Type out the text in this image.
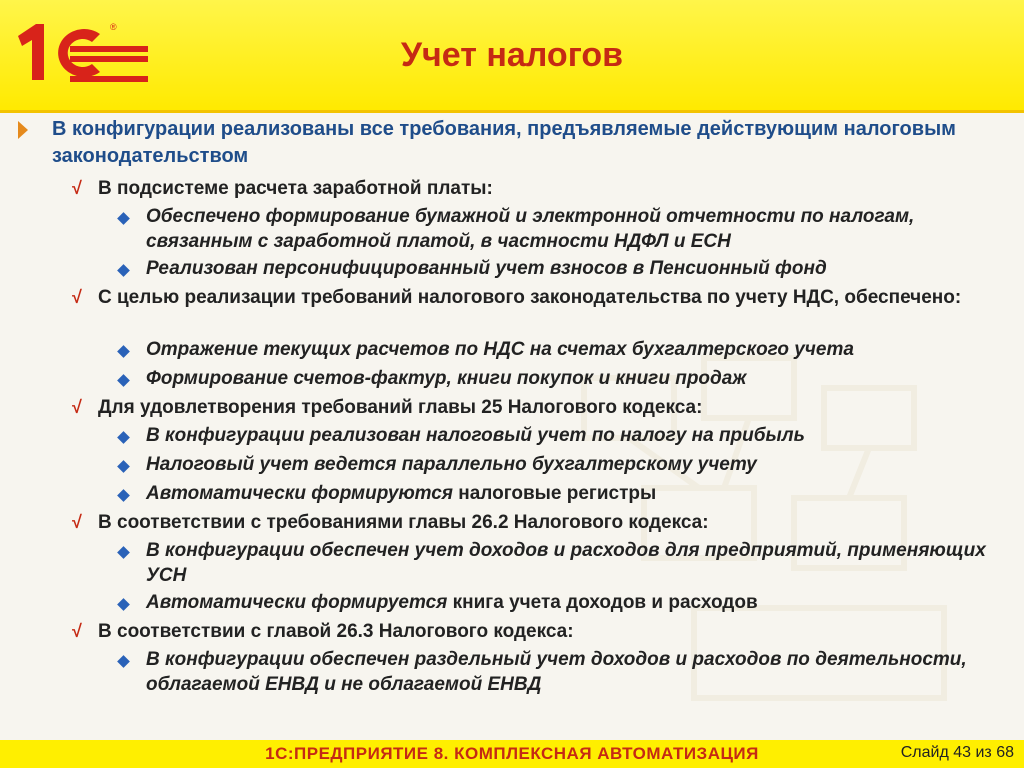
®
Учет налогов
В конфигурации реализованы все требования, предъявляемые действующим налоговым законодательством
√ В подсистеме расчета заработной платы:
Обеспечено формирование бумажной и электронной отчетности по налогам, связанным с заработной платой, в частности НДФЛ и ЕСН
Реализован персонифицированный учет взносов в Пенсионный фонд
√ С целью реализации требований налогового законодательства по учету НДС, обеспечено:
Отражение текущих расчетов по НДС на счетах бухгалтерского учета
Формирование счетов-фактур, книги покупок и книги продаж
√ Для удовлетворения требований главы 25 Налогового кодекса:
В конфигурации реализован налоговый учет по налогу на прибыль
Налоговый учет ведется параллельно бухгалтерскому учету
Автоматически формируются налоговые регистры
√ В соответствии с требованиями главы 26.2 Налогового кодекса:
В конфигурации обеспечен учет доходов и расходов для предприятий, применяющих УСН
Автоматически формируется книга учета доходов и расходов
√ В соответствии с главой 26.3 Налогового кодекса:
В конфигурации обеспечен раздельный учет доходов и расходов по деятельности, облагаемой ЕНВД и не облагаемой ЕНВД
1С:ПРЕДПРИЯТИЕ 8. КОМПЛЕКСНАЯ АВТОМАТИЗАЦИЯ	Слайд 43 из 68
